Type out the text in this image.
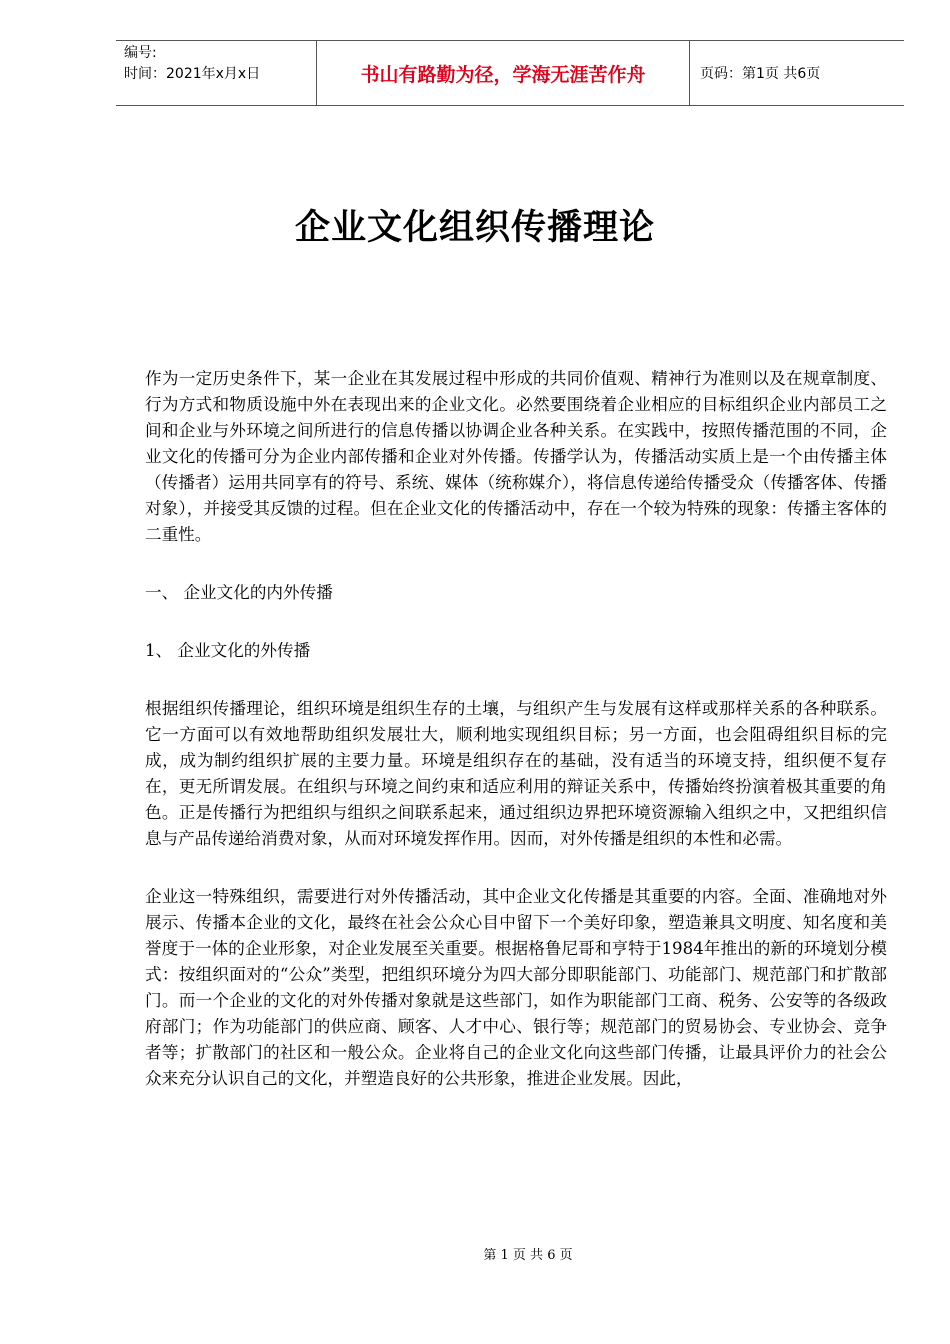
编号:
时间：2021年x月x日	书山有路勤为径，学海无涯苦作舟	页码：第1页 共6页
企业文化组织传播理论

作为一定历史条件下，某一企业在其发展过程中形成的共同价值观、精神行为准则以及在规章制度、行为方式和物质设施中外在表现出来的企业文化。必然要围绕着企业相应的目标组织企业内部员工之间和企业与外环境之间所进行的信息传播以协调企业各种关系。在实践中，按照传播范围的不同，企业文化的传播可分为企业内部传播和企业对外传播。传播学认为，传播活动实质上是一个由传播主体（传播者）运用共同享有的符号、系统、媒体（统称媒介），将信息传递给传播受众（传播客体、传播对象），并接受其反馈的过程。但在企业文化的传播活动中，存在一个较为特殊的现象：传播主客体的二重性。

一、 企业文化的内外传播

1、 企业文化的外传播

根据组织传播理论，组织环境是组织生存的土壤，与组织产生与发展有这样或那样关系的各种联系。它一方面可以有效地帮助组织发展壮大，顺利地实现组织目标；另一方面，也会阻碍组织目标的完成，成为制约组织扩展的主要力量。环境是组织存在的基础，没有适当的环境支持，组织便不复存在，更无所谓发展。在组织与环境之间约束和适应利用的辩证关系中，传播始终扮演着极其重要的角色。正是传播行为把组织与组织之间联系起来，通过组织边界把环境资源输入组织之中，又把组织信息与产品传递给消费对象，从而对环境发挥作用。因而，对外传播是组织的本性和必需。

企业这一特殊组织，需要进行对外传播活动，其中企业文化传播是其重要的内容。全面、准确地对外展示、传播本企业的文化，最终在社会公众心目中留下一个美好印象，塑造兼具文明度、知名度和美誉度于一体的企业形象，对企业发展至关重要。根据格鲁尼哥和亨特于1984年推出的新的环境划分模式：按组织面对的“公众”类型，把组织环境分为四大部分即职能部门、功能部门、规范部门和扩散部门。而一个企业的文化的对外传播对象就是这些部门，如作为职能部门工商、税务、公安等的各级政府部门；作为功能部门的供应商、顾客、人才中心、银行等；规范部门的贸易协会、专业协会、竞争者等；扩散部门的社区和一般公众。企业将自己的企业文化向这些部门传播，让最具评价力的社会公众来充分认识自己的文化，并塑造良好的公共形象，推进企业发展。因此，

第 1 页 共 6 页
